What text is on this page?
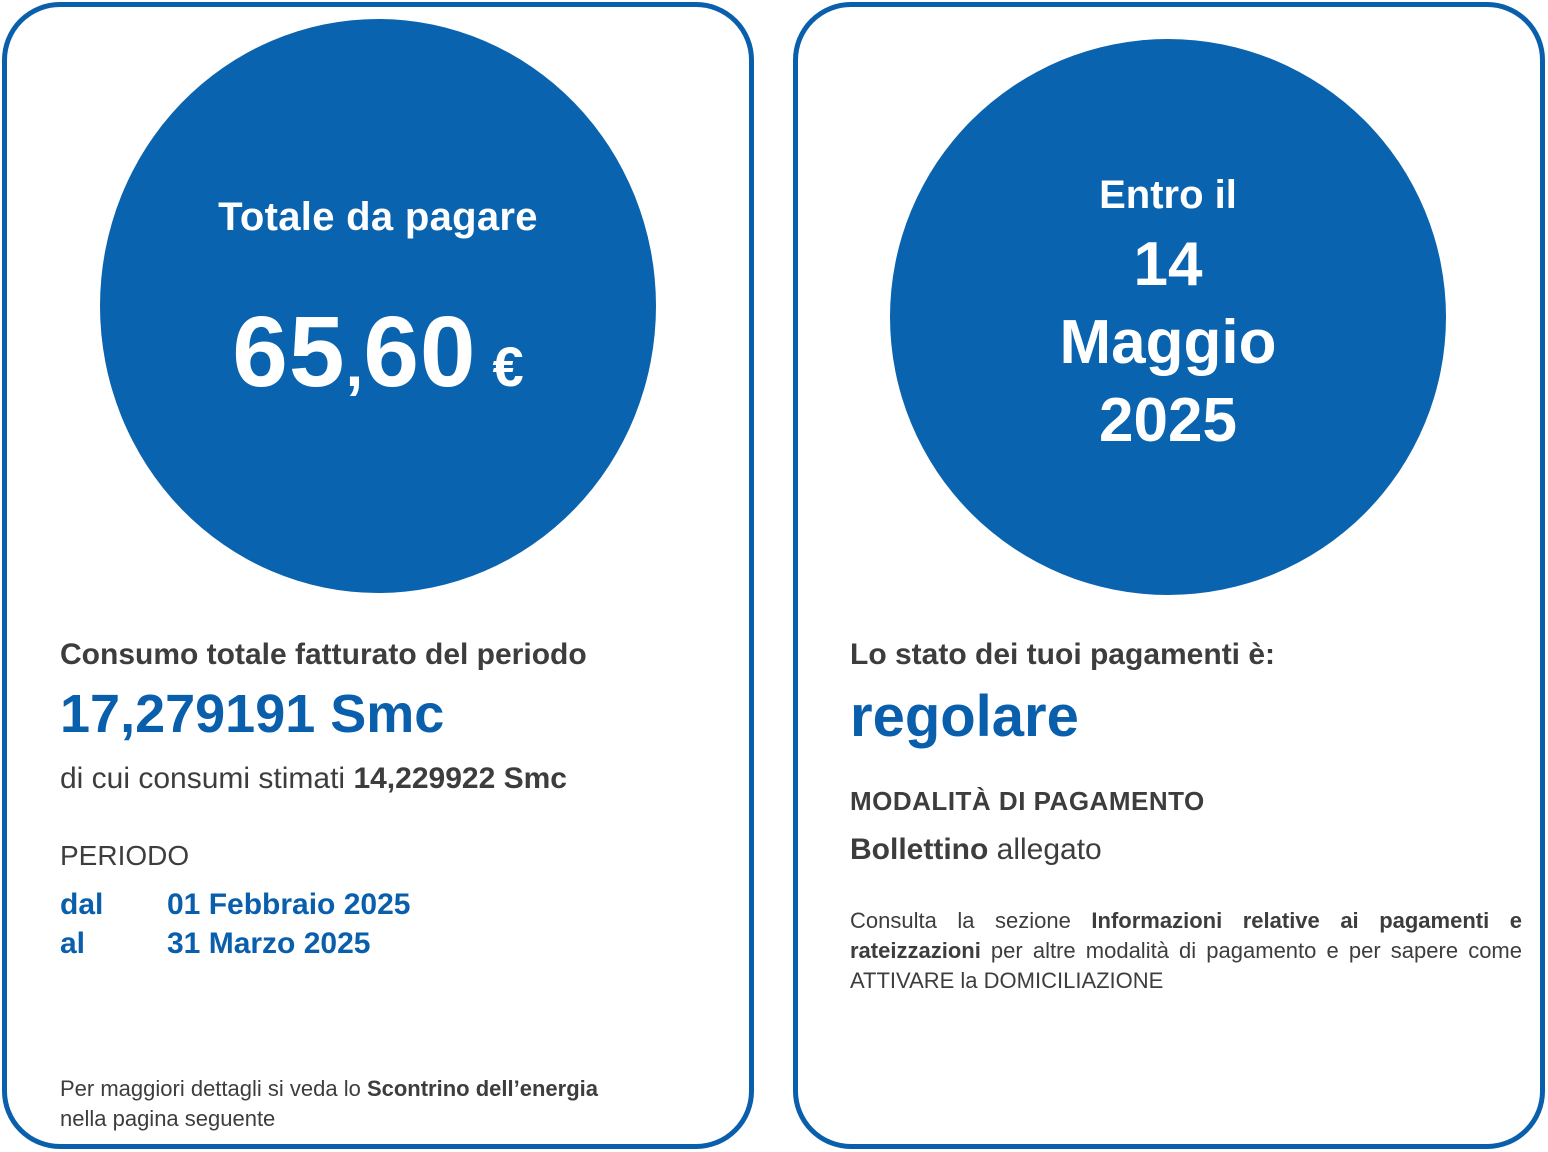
Totale da pagare
65,60 €
Consumo totale fatturato del periodo
17,279191 Smc
di cui consumi stimati 14,229922 Smc
PERIODO
dal 01 Febbraio 2025
al	31 Marzo 2025
Per maggiori dettagli si veda lo Scontrino dell’energia
nella pagina seguente
Entro il
14
Maggio
2025
Lo stato dei tuoi pagamenti è:
regolare
MODALITÀ DI PAGAMENTO
Bollettino allegato
Consulta la sezione Informazioni relative ai pagamenti e rateizzazioni per altre modalità di pagamento e per sapere come ATTIVARE la DOMICILIAZIONE
